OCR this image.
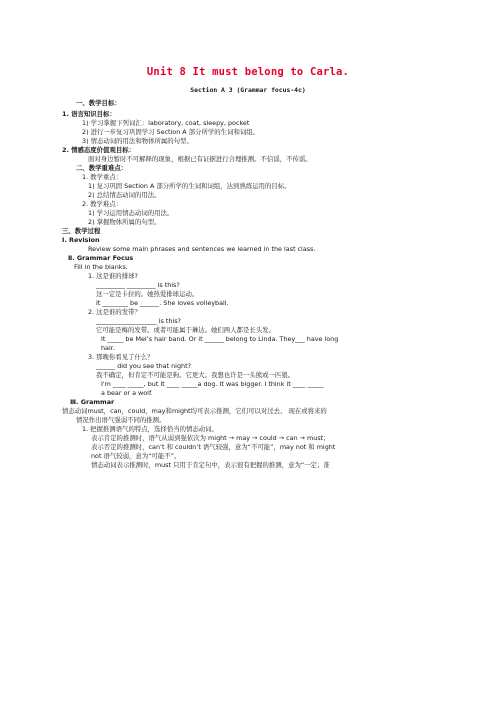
Unit 8 It must belong to Carla.
Section A 3 (Grammar focus-4c)
一、教学目标：
1. 语言知识目标：
1) 学习掌握下列词汇：laboratory, coat, sleepy, pocket
2) 进行一步复习巩固学习 Section A 部分所学的生词和词组。
3) 情态动词的用法和物体所属的句型。
2. 情感态度价值观目标：
面对身边暂时不可解释的现象，根据已有证据进行合理推测。不信谣，不传谣。
二、教学重难点：
1. 教学重点：
1) 复习巩固 Section A 部分所学的生词和词组，达到熟练运用的目标。
2) 总结情态动词的用法。
2. 教学难点：
1) 学习运用情态动词的用法。
2) 掌握物体所属的句型。
三、教学过程
Ⅰ. Revision
Review some main phrases and sentences we learned in the last class.
Ⅱ. Grammar Focus
Fill in the blanks.
1. 这是谁的排球?
_________ _________ is this?
这一定是卡拉的。她热爱排球运动。
It ________ be ______. She loves volleyball.
2. 这是谁的发带？
___________________ is this?
它可能是梅的发带。或者可能属于琳达。她们两人都是长头发。
It _____ be Mei’s hair band. Or it ______ belong to Linda. They___ have long
hair.
3. 那晚你看见了什么？
______ did you see that night?
我不确定，但肯定不可能是狗。它更大。我想也许是一头熊或一匹狼。
I'm ____ _____, but it ____ _____a dog. It was bigger. I think it ____ _____
a bear or a wolf.
Ⅲ. Grammar
情态动词must，can，could，may和might均可表示推测，它们可以对过去、 现在或将来的
情况作出语气强弱不同的推测。
1. 把握推测语气的特点，选择恰当的情态动词。
表示肯定的推测时，语气从弱到强依次为 might → may → could → can → must；
表示否定的推测时，can’t 和 couldn’t 语气较强，意为“不可能”，may not 和 might
not 语气较弱，意为“可能不”。
情态动词表示推测时，must 只用于肯定句中，表示很有把握的推测，意为“一定；准
